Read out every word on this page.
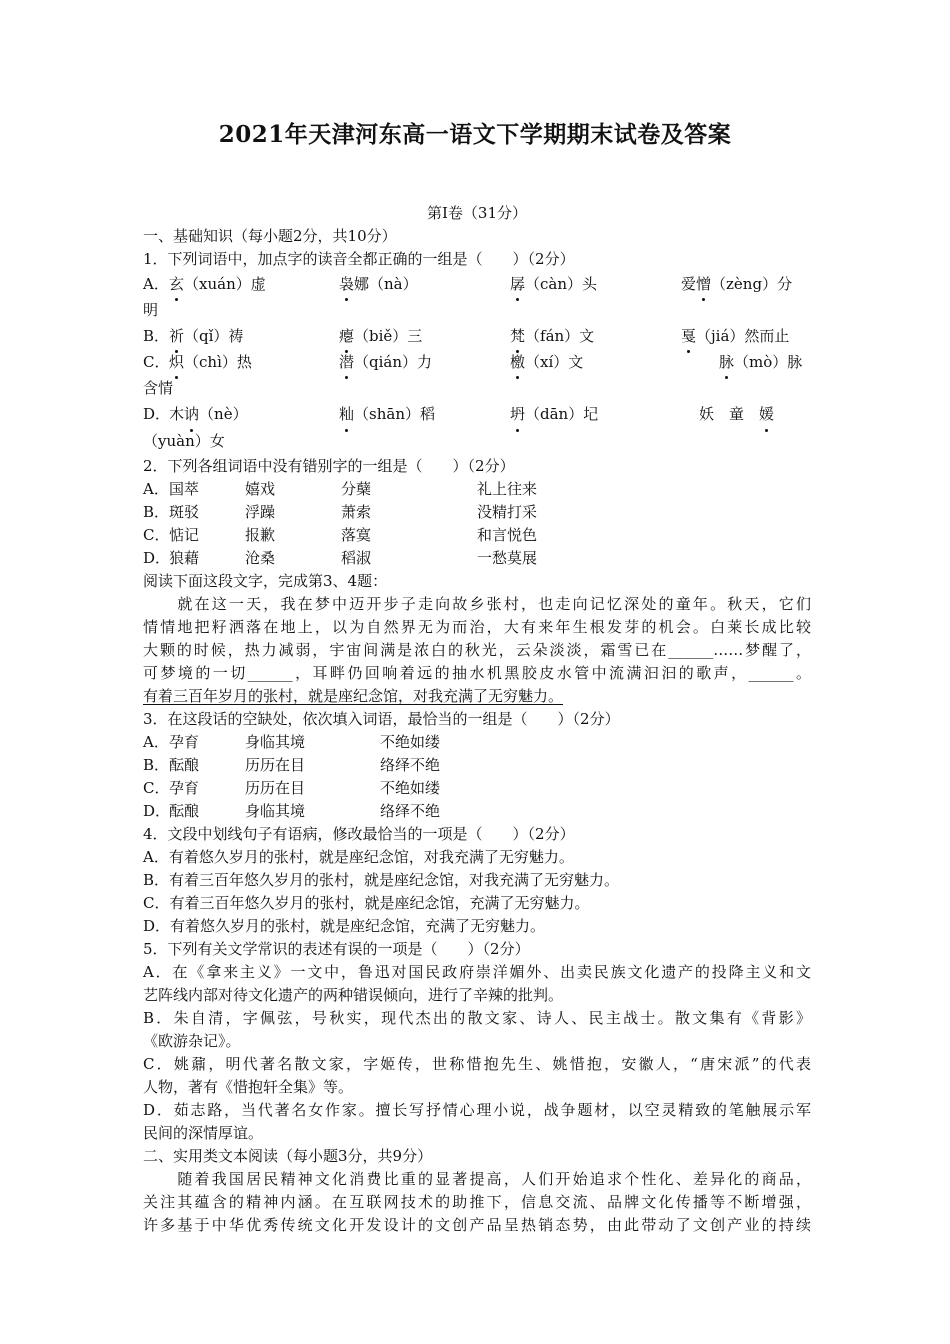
2021年天津河东高一语文下学期期末试卷及答案
第Ⅰ卷（31分）
一、基础知识（每小题2分，共10分）
1．下列词语中，加点字的读音全都正确的一组是（　　）（2分）
A．玄（xuán）虚	袅娜（nà）	孱（càn）头	爱憎（zèng）分
明
B．祈（qǐ）祷	瘪（biě）三	梵（fán）文	戛（jiá）然而止
C．炽（chì）热	潜（qián）力	檄（xí）文	脉（mò）脉
含情
D．木讷（nè）	籼（shān）稻	坍（dān）圮	妖　童　媛
（yuàn）女
2．下列各组词语中没有错别字的一组是（　　）（2分）
A．国萃	嬉戏	分蘖	礼上往来
B．斑驳	浮躁	萧索	没精打采
C．惦记	报歉	落寞	和言悦色
D．狼藉	沧桑	稻淑	一愁莫展
阅读下面这段文字，完成第3、4题：
　　就在这一天，我在梦中迈开步子走向故乡张村，也走向记忆深处的童年。秋天，它们
情情地把籽洒落在地上，以为自然界无为而治，大有来年生根发芽的机会。白莱长成比较
大颗的时候，热力减弱，宇宙间满是浓白的秋光，云朵淡淡，霜雪已在______……梦醒了，
可梦境的一切______，耳畔仍回响着远的抽水机黑胶皮水管中流满汩汩的歌声，______。
有着三百年岁月的张村，就是座纪念馆，对我充满了无穷魅力。
3．在这段话的空缺处，依次填入词语，最恰当的一组是（　　）（2分）
A．孕育	身临其境	不绝如缕
B．酝酿	历历在目	络绎不绝
C．孕育	历历在目	不绝如缕
D．酝酿	身临其境	络绎不绝
4．文段中划线句子有语病，修改最恰当的一项是（　　）（2分）
A．有着悠久岁月的张村，就是座纪念馆，对我充满了无穷魅力。
B．有着三百年悠久岁月的张村，就是座纪念馆，对我充满了无穷魅力。
C．有着三百年悠久岁月的张村，就是座纪念馆，充满了无穷魅力。
D．有着悠久岁月的张村，就是座纪念馆，充满了无穷魅力。
5．下列有关文学常识的表述有误的一项是（　　）（2分）
A．在《拿来主义》一文中，鲁迅对国民政府崇洋媚外、出卖民族文化遗产的投降主义和文
艺阵线内部对待文化遗产的两种错误倾向，进行了辛辣的批判。
B．朱自清，字佩弦，号秋实，现代杰出的散文家、诗人、民主战士。散文集有《背影》
《欧游杂记》。
C．姚鼐，明代著名散文家，字姬传，世称惜抱先生、姚惜抱，安徽人，“唐宋派”的代表
人物，著有《惜抱轩全集》等。
D．茹志路，当代著名女作家。擅长写抒情心理小说，战争题材，以空灵精致的笔触展示军
民间的深情厚谊。
二、实用类文本阅读（每小题3分，共9分）
　　随着我国居民精神文化消费比重的显著提高，人们开始追求个性化、差异化的商品，
关注其蕴含的精神内涵。在互联网技术的助推下，信息交流、品牌文化传播等不断增强，
许多基于中华优秀传统文化开发设计的文创产品呈热销态势，由此带动了文创产业的持续
